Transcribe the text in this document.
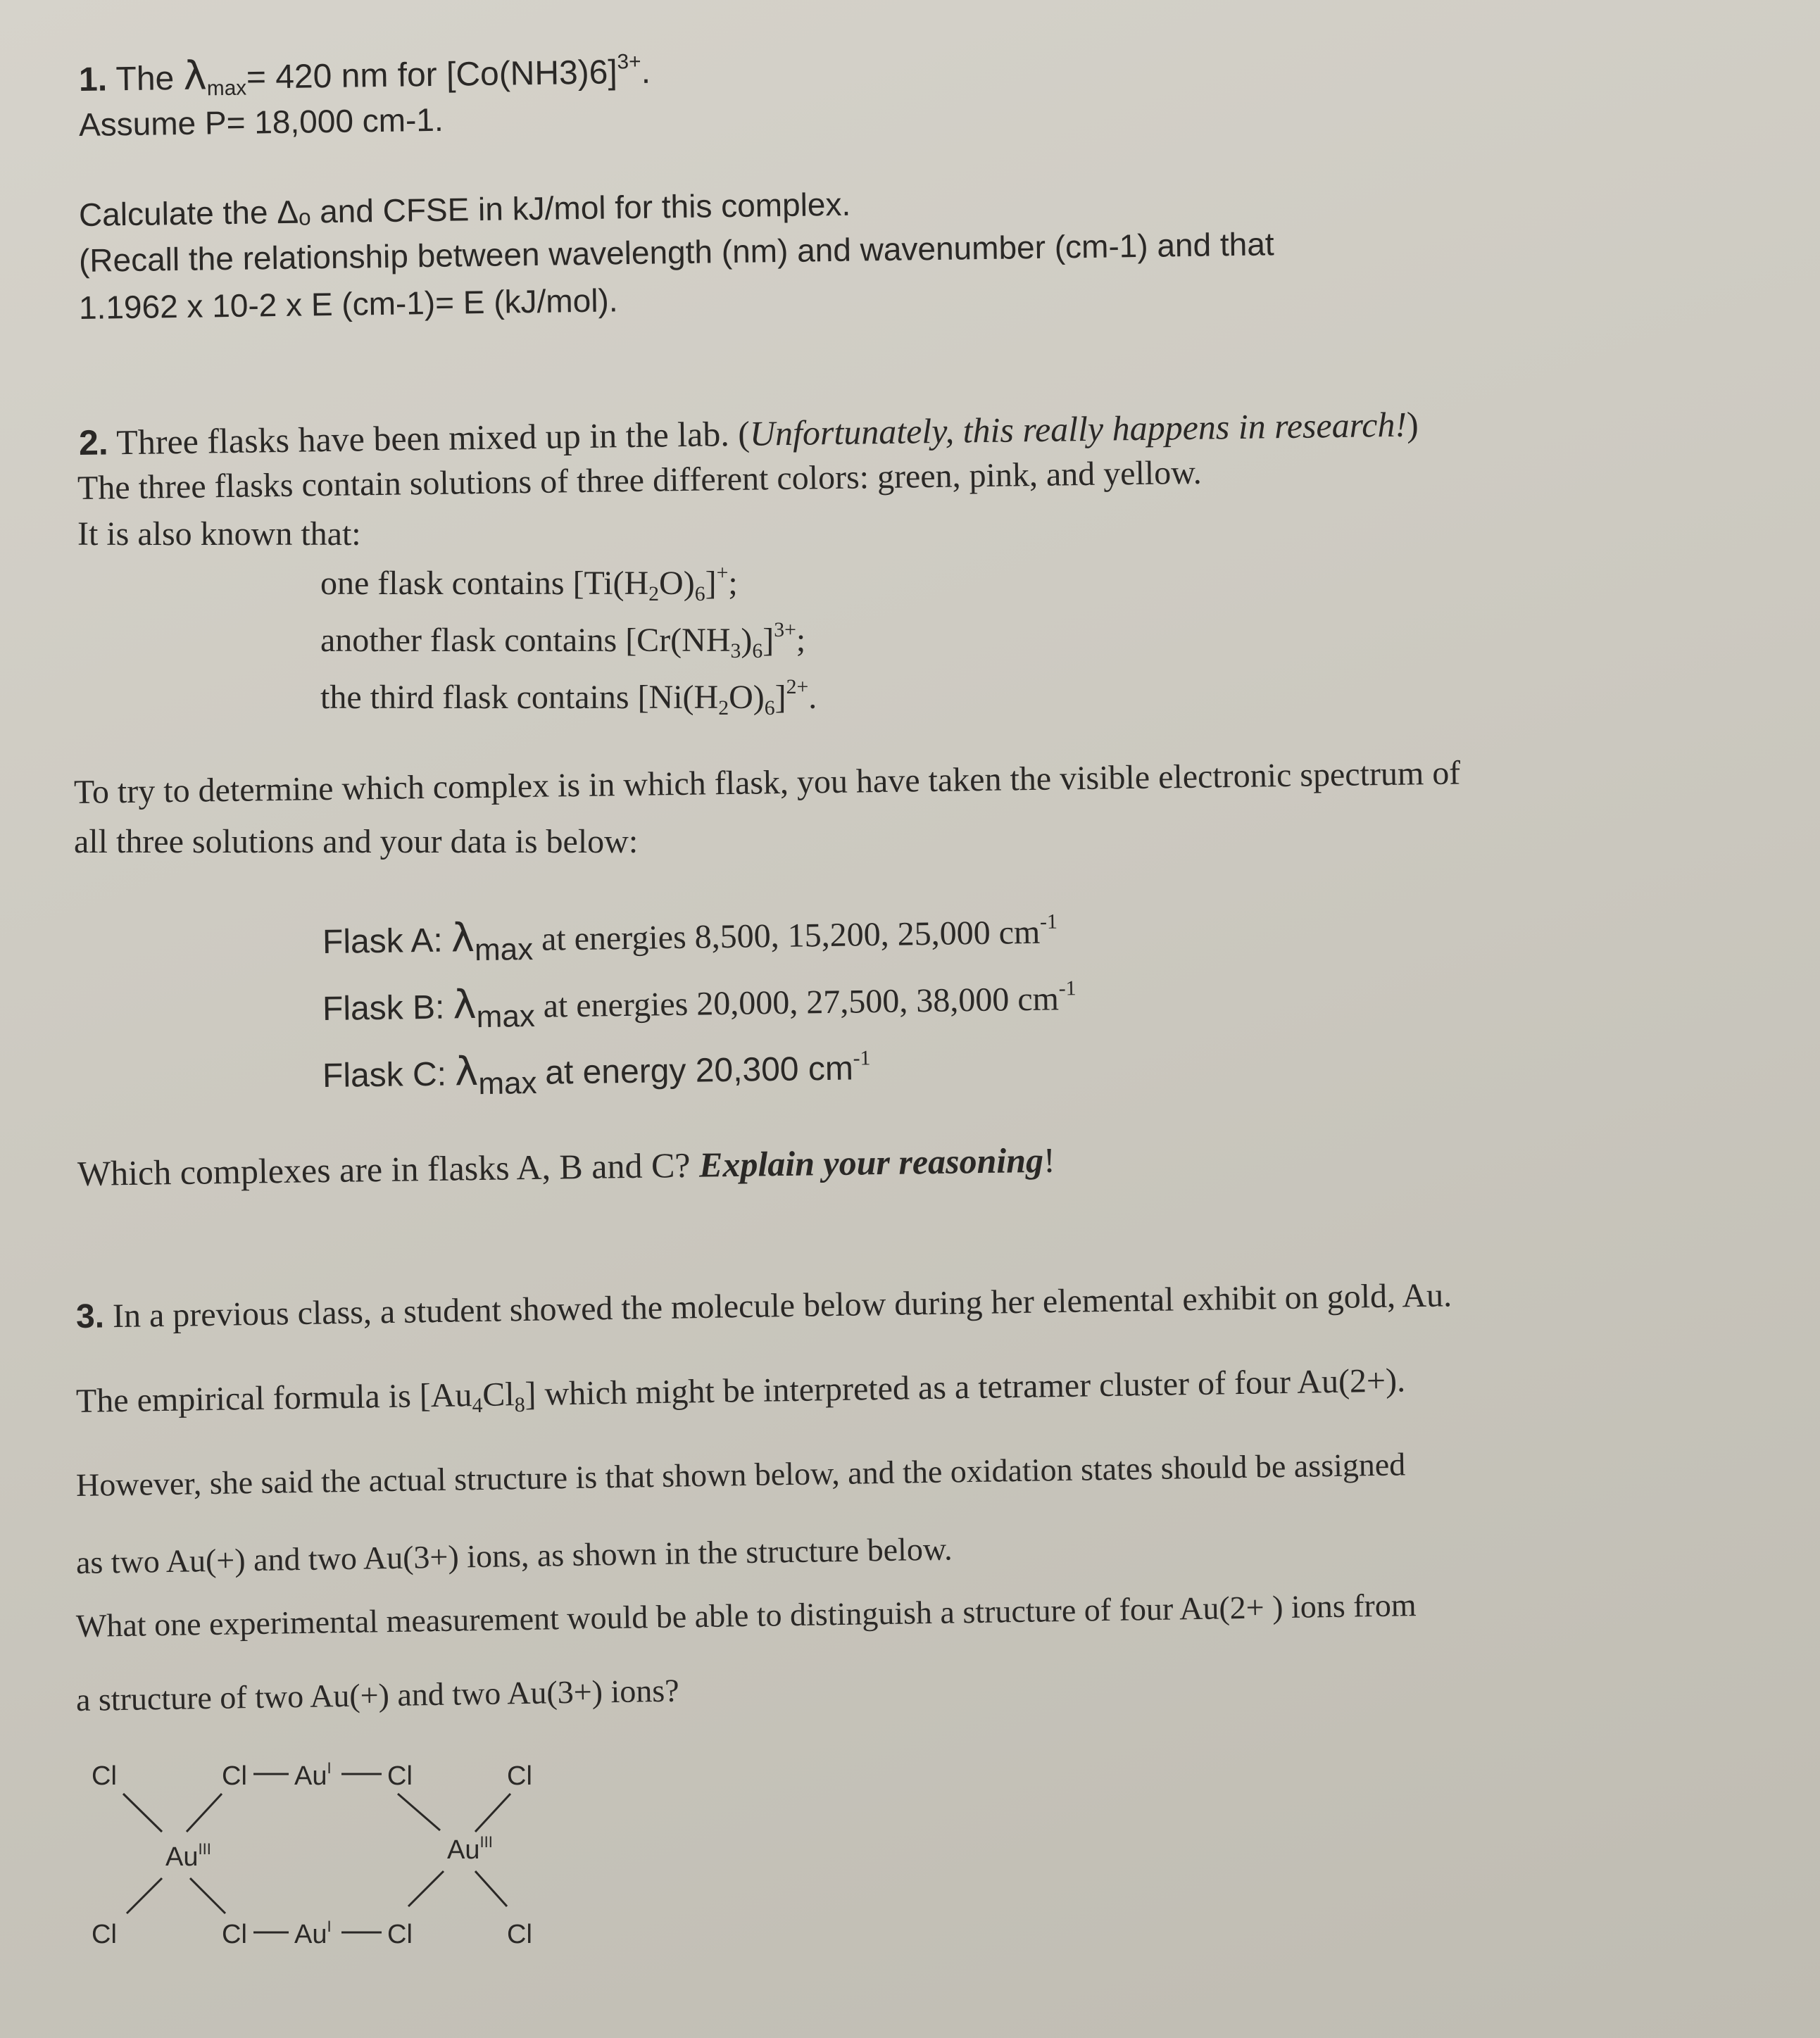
1. The $\lambda_{max}= 420$ nm for $[Co(NH3)6]^{3+}$.
Assume P= 18,000 cm-1.
Calculate the Δₒ and CFSE in kJ/mol for this complex.
(Recall the relationship between wavelength (nm) and wavenumber (cm-1) and that
1.1962 x 10-2 x E (cm-1)= E (kJ/mol).
2. Three flasks have been mixed up in the lab. (Unfortunately, this really happens in research!)
The three flasks contain solutions of three different colors: green, pink, and yellow.
It is also known that:
one flask contains $[Ti(H_2O)_6]^+$;
another flask contains $[Cr(NH_3)_6]^{3+}$;
the third flask contains $[Ni(H_2O)_6]^{2+}$.
To try to determine which complex is in which flask, you have taken the visible electronic spectrum of
all three solutions and your data is below:
Flask A: $\lambda_{max}$ at energies 8,500, 15,200, 25,000 $cm^{-1}$
Flask B: $\lambda_{max}$ at energies 20,000, 27,500, 38,000 $cm^{-1}$
Flask C: $\lambda_{max}$ at energy 20,300 $cm^{-1}$
Which complexes are in flasks A, B and C? Explain your reasoning!
3. In a previous class, a student showed the molecule below during her elemental exhibit on gold, Au.
The empirical formula is $[Au_4Cl_8]$ which might be interpreted as a tetramer cluster of four Au(2+).
However, she said the actual structure is that shown below, and the oxidation states should be assigned
as two Au(+) and two Au(3+) ions, as shown in the structure below.
What one experimental measurement would be able to distinguish a structure of four Au(2+ ) ions from
a structure of two Au(+) and two Au(3+) ions?
Cl	Cl $Au^I$ Cl	Cl
$Au^{III}$	$Au^{III}$
Cl	Cl $Au^I$ Cl	Cl
